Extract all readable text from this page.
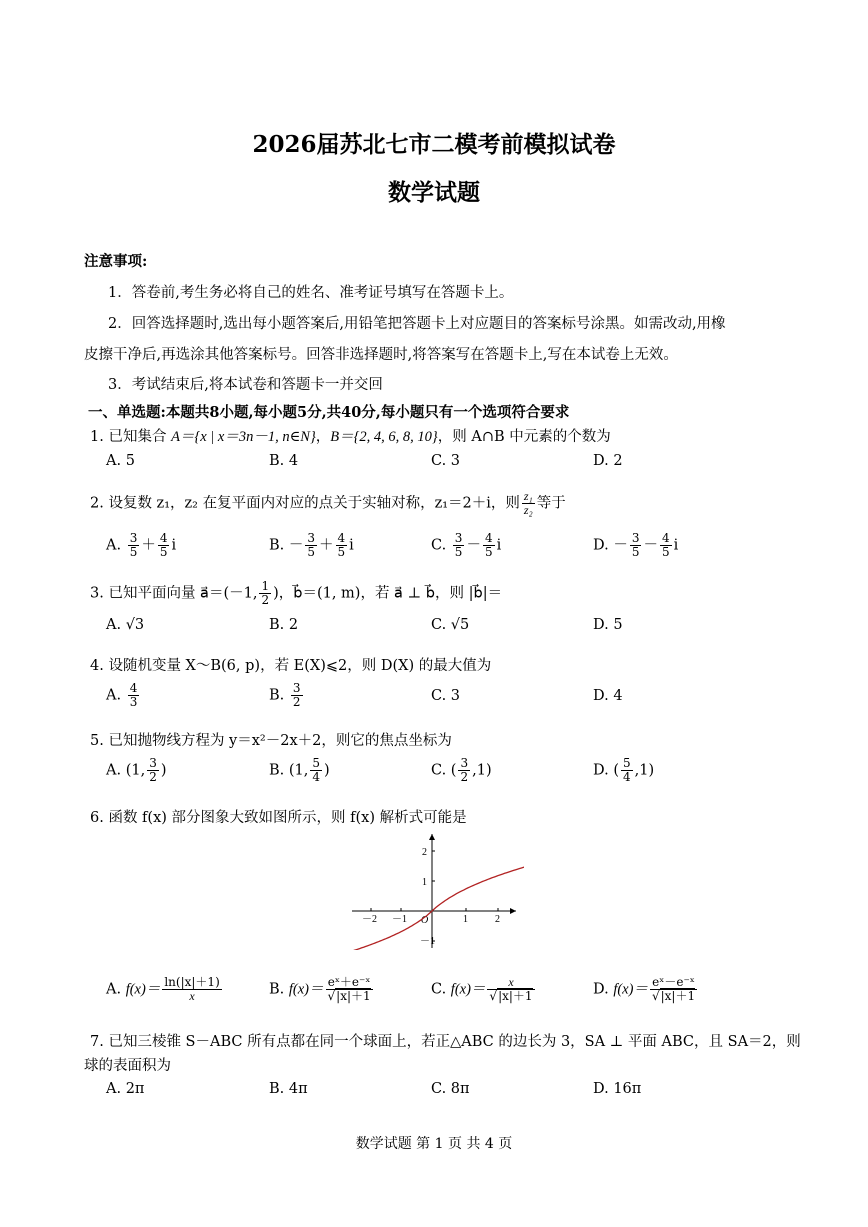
2026届苏北七市二模考前模拟试卷
数学试题
注意事项:
1．答卷前,考生务必将自己的姓名、准考证号填写在答题卡上。
2．回答选择题时,选出每小题答案后,用铅笔把答题卡上对应题目的答案标号涂黑。如需改动,用橡
皮擦干净后,再选涂其他答案标号。回答非选择题时,将答案写在答题卡上,写在本试卷上无效。
3．考试结束后,将本试卷和答题卡一并交回
一、单选题:本题共8小题,每小题5分,共40分,每小题只有一个选项符合要求
1. 已知集合 A＝{x | x＝3n－1, n∈N}，B＝{2, 4, 6, 8, 10}，则 A∩B 中元素的个数为
A. 5	B. 4	C. 3	D. 2
2. 设复数 z₁，z₂ 在复平面内对应的点关于实轴对称，z₁＝2＋i，则 $\frac{\text{z₁}}{\text{z₂}}$ 等于
A. $\frac{3}{5} + \frac{4}{5}$ i	B. － $\frac{3}{5} + \frac{4}{5}$ i	C. $\frac{3}{5} - \frac{4}{5}$ i	D. － $\frac{3}{5} - \frac{4}{5}$ i
3. 已知平面向量 a⃗＝(－1, $\frac{1}{2}$ )，b⃗＝(1, m)，若 a⃗ ⊥ b⃗，则 |b⃗|＝
A. √3	B. 2	C. √5	D. 5
4. 设随机变量 X～B(6, p)，若 E(X)⩽2，则 D(X) 的最大值为
A. $\frac{4}{3}$	B. $\frac{3}{2}$	C. 3	D. 4
5. 已知抛物线方程为 y＝x²－2x＋2，则它的焦点坐标为
A. (1, $\frac{3}{2}$ )	B. (1, $\frac{5}{4}$ )	C. ( $\frac{3}{2} ,1$)	D. ( $\frac{5}{4} ,1$)
6. 函数 f(x) 部分图象大致如图所示，则 f(x) 解析式可能是
－2 －1	1	2
2
1
－1
O
A. $f(x)= \frac{\ln(|x|+1)}{x}$	B. $f(x)= \frac{\text{eˣ＋e⁻ˣ}}{√|x|+1}$	C. $f(x)= \frac{x}{√|x|+1}$	D. $f(x)= \frac{\text{eˣ－e⁻ˣ}}{√|x|+1}$
7. 已知三棱锥 S－ABC 所有点都在同一个球面上，若正△ABC 的边长为 3，SA ⊥ 平面 ABC，且 SA＝2，则
球的表面积为
A. 2π	B. 4π	C. 8π	D. 16π
数学试题 第 1 页 共 4 页
